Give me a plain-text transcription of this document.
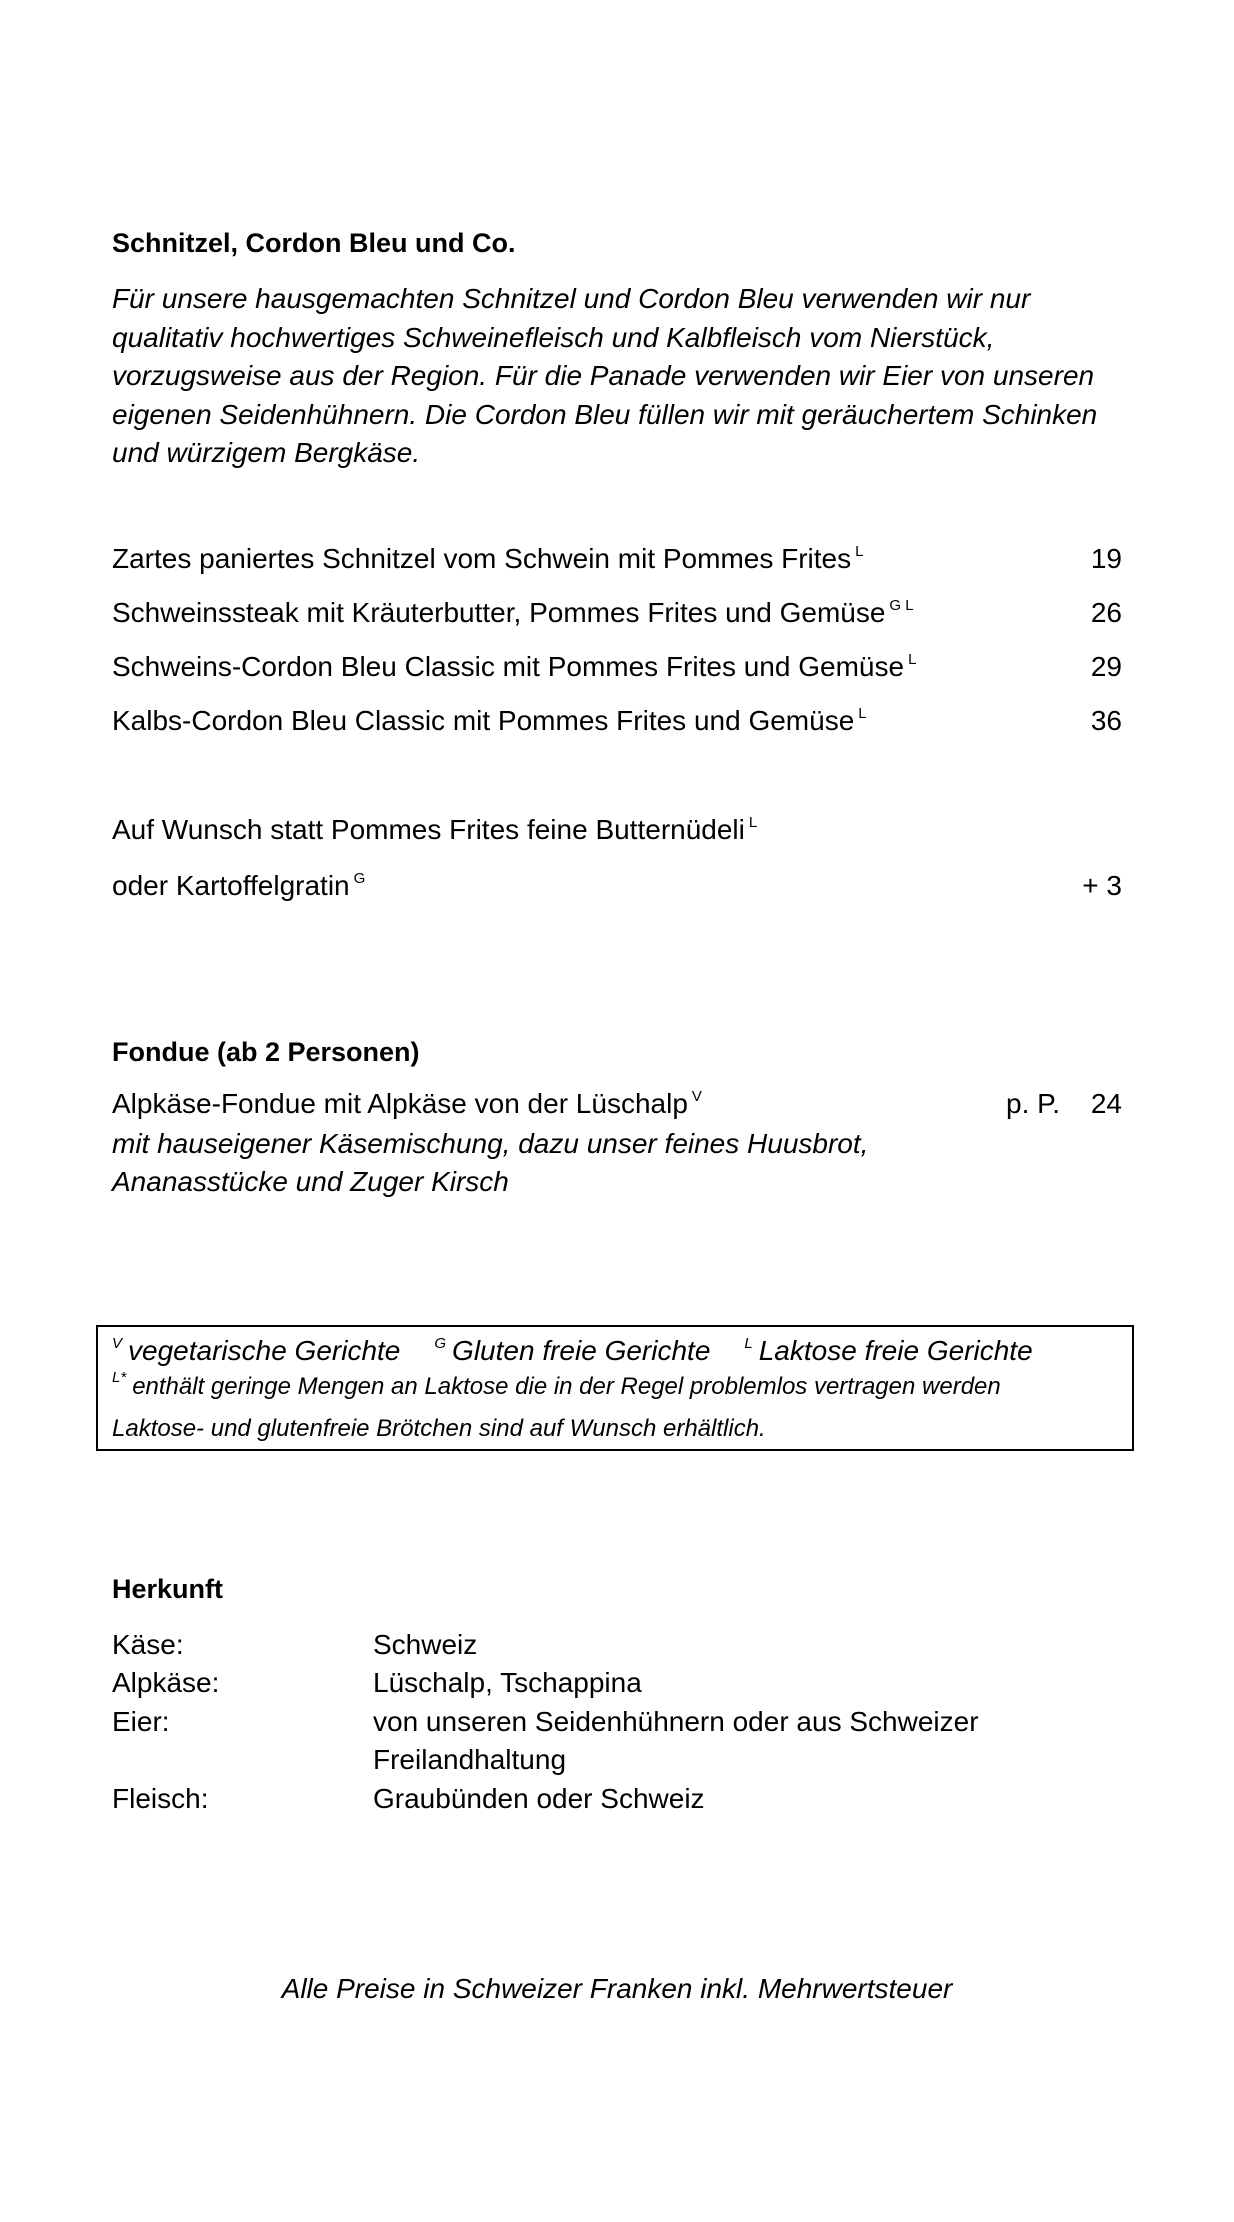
Schnitzel, Cordon Bleu und Co.
Für unsere hausgemachten Schnitzel und Cordon Bleu verwenden wir nur qualitativ hochwertiges Schweinefleisch und Kalbfleisch vom Nierstück, vorzugsweise aus der Region. Für die Panade verwenden wir Eier von unseren eigenen Seidenhühnern. Die Cordon Bleu füllen wir mit geräuchertem Schinken und würzigem Bergkäse.
Zartes paniertes Schnitzel vom Schwein mit Pommes Frites $^L$	19
Schweinssteak mit Kräuterbutter, Pommes Frites und Gemüse $^{G L}$	26
Schweins-Cordon Bleu Classic mit Pommes Frites und Gemüse $^L$	29
Kalbs-Cordon Bleu Classic mit Pommes Frites und Gemüse $^L$	36
Auf Wunsch statt Pommes Frites feine Butternüdeli $^L$
oder Kartoffelgratin $^G$	+ 3
Fondue (ab 2 Personen)
Alpkäse-Fondue mit Alpkäse von der Lüschalp $^V$	p. P. 24
mit hauseigener Käsemischung, dazu unser feines Huusbrot,
Ananasstücke und Zuger Kirsch
$^V$ vegetarische Gerichte $^G$ Gluten freie Gerichte $^L$ Laktose freie Gerichte
$^{L*}$ enthält geringe Mengen an Laktose die in der Regel problemlos vertragen werden
Laktose- und glutenfreie Brötchen sind auf Wunsch erhältlich.
Herkunft
Käse:	Schweiz
Alpkäse:	Lüschalp, Tschappina
Eier:	von unseren Seidenhühnern oder aus Schweizer
Freilandhaltung
Fleisch:	Graubünden oder Schweiz
Alle Preise in Schweizer Franken inkl. Mehrwertsteuer
